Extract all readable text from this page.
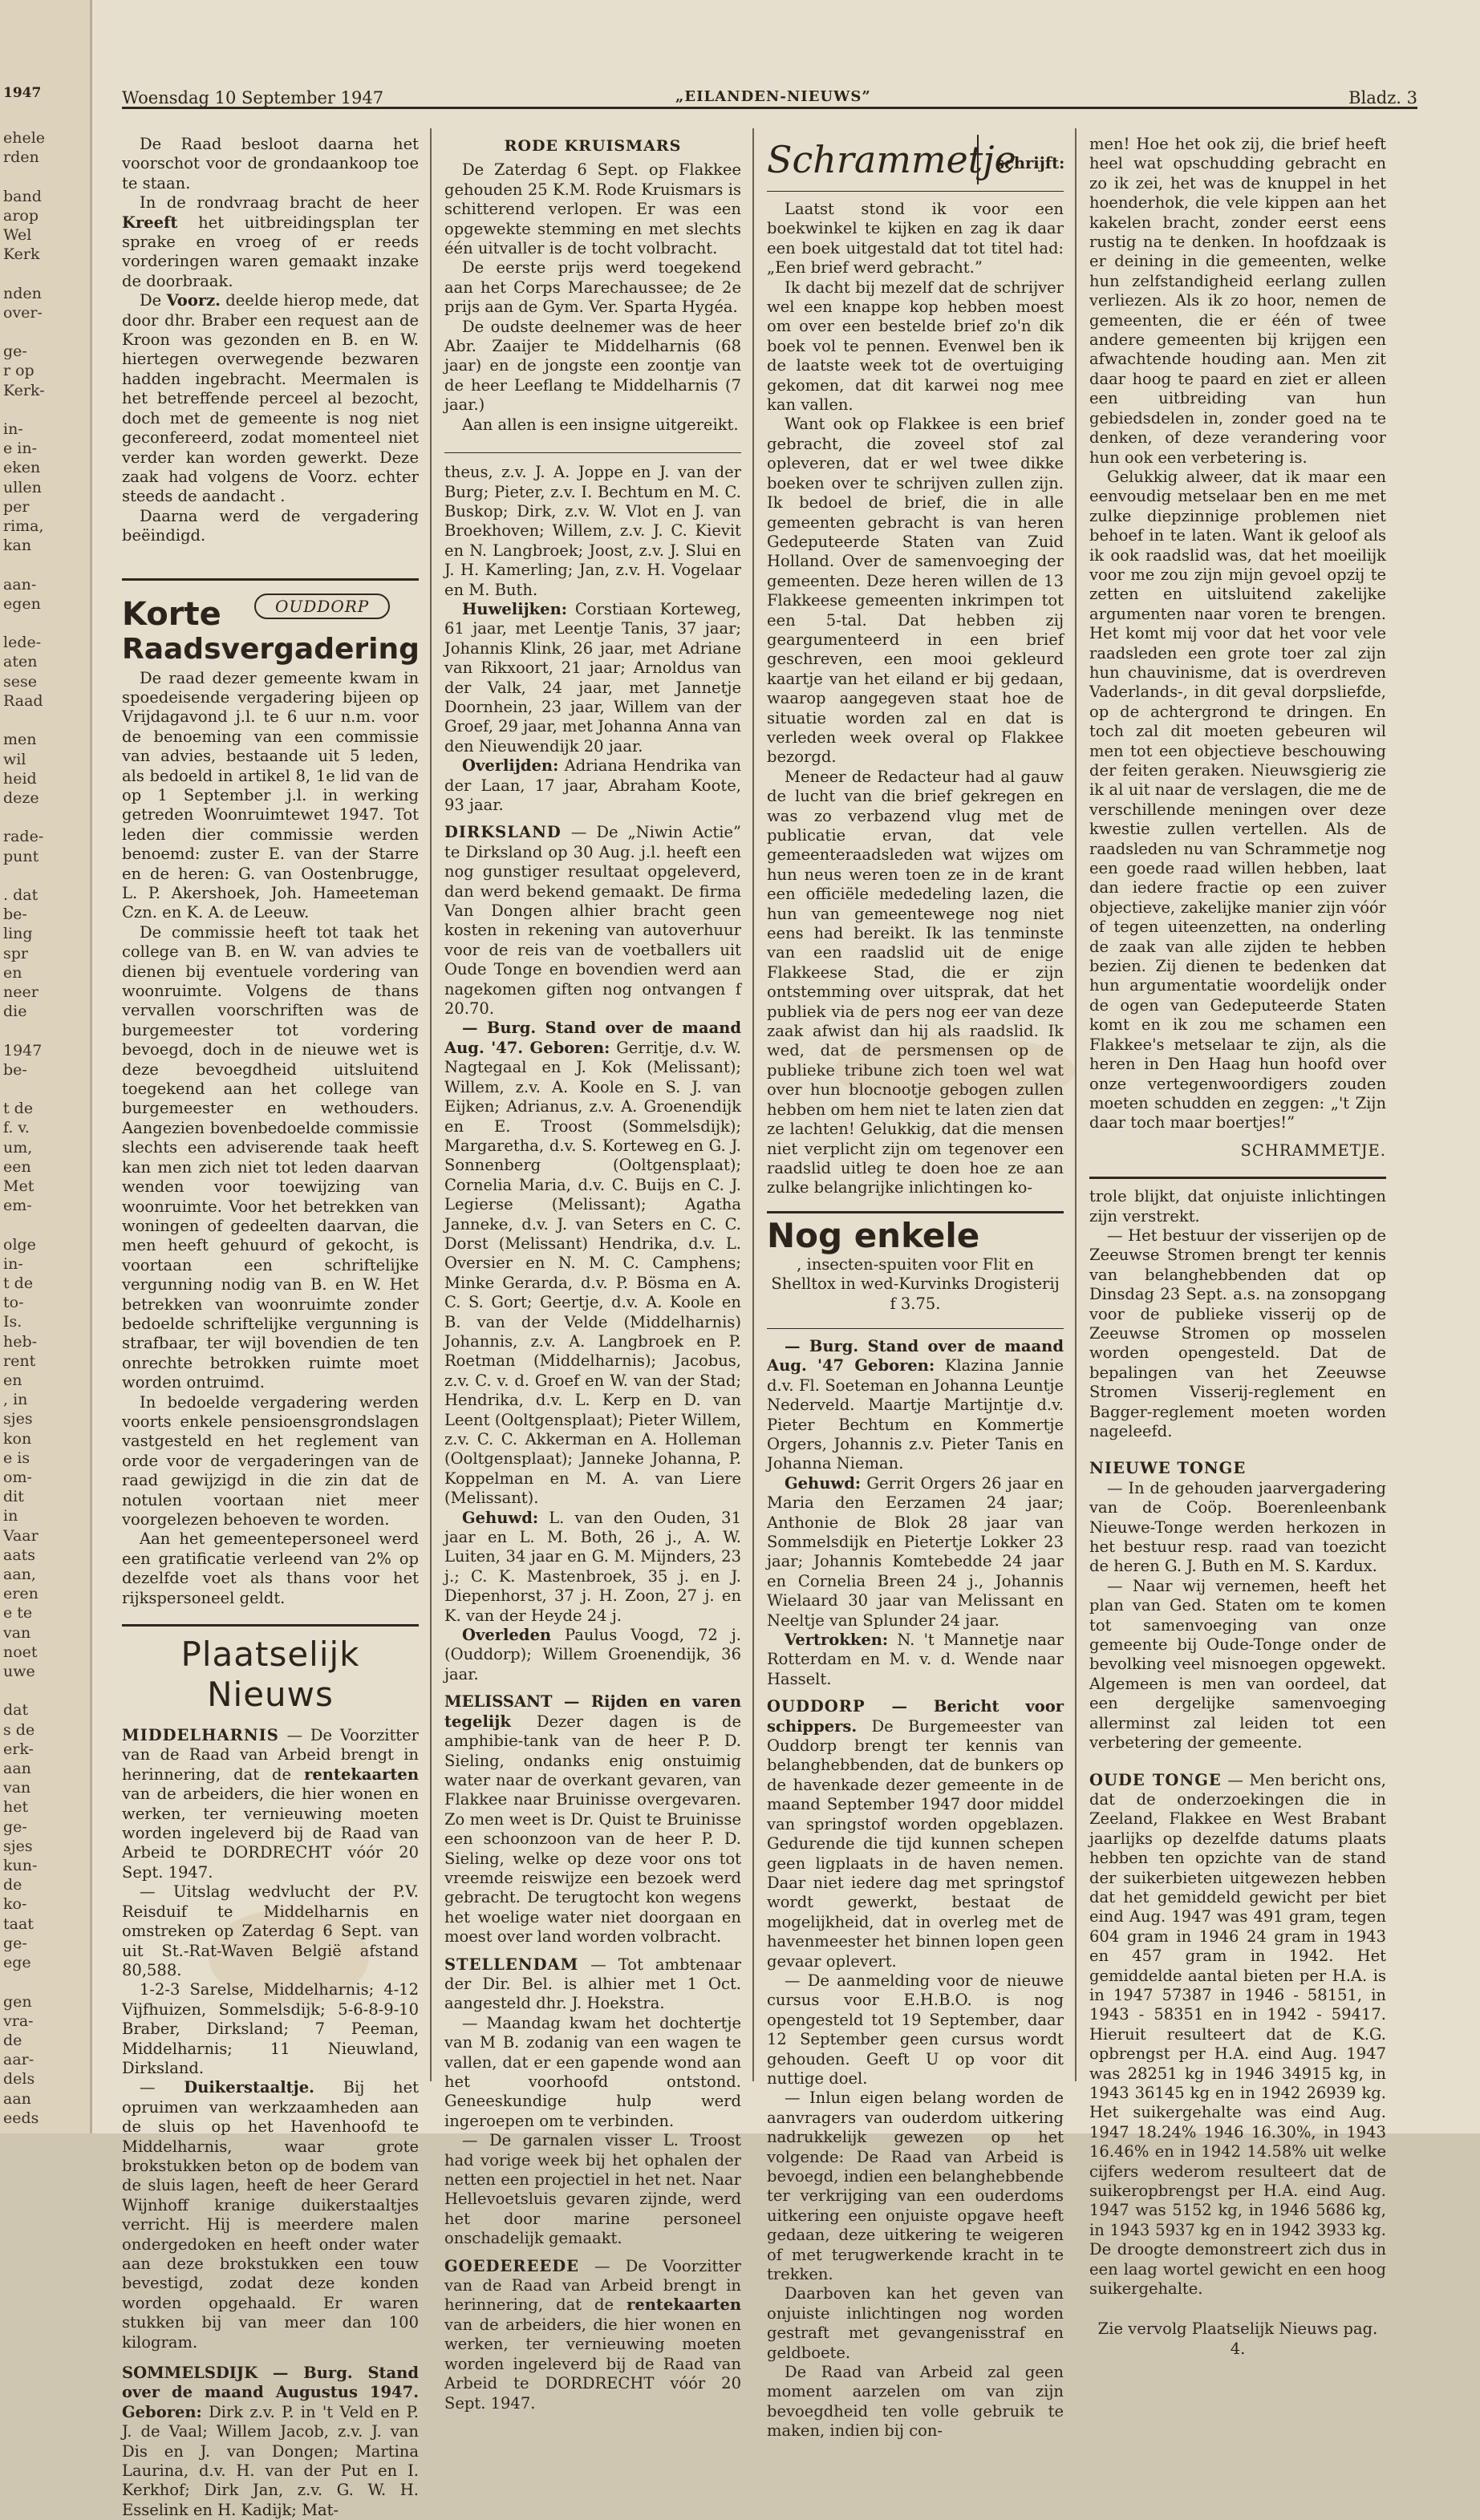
1947
ehele
rden

band
arop
Wel
Kerk

nden
over-

ge-
r op
Kerk-

in-
e in-
eken
ullen
per
rima,
kan

aan-
egen

lede-
aten
sese
Raad

men
wil
heid
deze

rade-
punt

. dat
be-
ling
spr
en
neer
die

1947
be-

t de
f. v.
um,
een
Met
em-

olge
in-
t de
to-
Is.
heb-
rent
en
, in
sjes
kon
e is
om-
dit
in
Vaar
aats
aan,
eren
e te
van
noet
uwe

dat
s de
erk-
aan
van
het
ge-
sjes
kun-
de
ko-
taat
ge-
ege

gen
vra-
de
aar-
dels
aan
eeds
Woensdag 10 September 1947	„EILANDEN-NIEUWS”	Bladz. 3

De Raad besloot daarna het voorschot voor de grondaankoop toe te staan.

In de rondvraag bracht de heer Kreeft het uitbreidingsplan ter sprake en vroeg of er reeds vorderingen waren gemaakt inzake de doorbraak.

De Voorz. deelde hierop mede, dat door dhr. Braber een request aan de Kroon was gezonden en B. en W. hiertegen overwegende bezwaren hadden ingebracht. Meermalen is het betreffende perceel al bezocht, doch met de gemeente is nog niet geconfereerd, zodat momenteel niet verder kan worden gewerkt. Deze zaak had volgens de Voorz. echter steeds de aandacht .

Daarna werd de vergadering beëindigd.

Korte	OUDDORP
Raadsvergadering

De raad dezer gemeente kwam in spoedeisende vergadering bijeen op Vrijdagavond j.l. te 6 uur n.m. voor de benoeming van een commissie van advies, bestaande uit 5 leden, als bedoeld in artikel 8, 1e lid van de op 1 September j.l. in werking getreden Woonruimtewet 1947. Tot leden dier commissie werden benoemd: zuster E. van der Starre en de heren: G. van Oostenbrugge, L. P. Akershoek, Joh. Hameeteman Czn. en K. A. de Leeuw.

De commissie heeft tot taak het college van B. en W. van advies te dienen bij eventuele vordering van woonruimte. Volgens de thans vervallen voorschriften was de burgemeester tot vordering bevoegd, doch in de nieuwe wet is deze bevoegdheid uitsluitend toegekend aan het college van burgemeester en wethouders. Aangezien bovenbedoelde commissie slechts een adviserende taak heeft kan men zich niet tot leden daarvan wenden voor toewijzing van woonruimte. Voor het betrekken van woningen of gedeelten daarvan, die men heeft gehuurd of gekocht, is voortaan een schriftelijke vergunning nodig van B. en W. Het betrekken van woonruimte zonder bedoelde schriftelijke vergunning is strafbaar, ter wijl bovendien de ten onrechte betrokken ruimte moet worden ontruimd.

In bedoelde vergadering werden voorts enkele pensioensgrondslagen vastgesteld en het reglement van orde voor de vergaderingen van de raad gewijzigd in die zin dat de notulen voortaan niet meer voorgelezen behoeven te worden.

Aan het gemeentepersoneel werd een gratificatie verleend van 2% op dezelfde voet als thans voor het rijkspersoneel geldt.

Plaatselijk Nieuws

MIDDELHARNIS — De Voorzitter van de Raad van Arbeid brengt in herinnering, dat de rentekaarten van de arbeiders, die hier wonen en werken, ter vernieuwing moeten worden ingeleverd bij de Raad van Arbeid te DORDRECHT vóór 20 Sept. 1947.

— Uitslag wedvlucht der P.V. Reisduif te Middelharnis en omstreken op Zaterdag 6 Sept. van uit St.-Rat-Waven België afstand 80,588.

1-2-3 Sarelse, Middelharnis; 4-12 Vijfhuizen, Sommelsdijk; 5-6-8-9-10 Braber, Dirksland; 7 Peeman, Middelharnis; 11 Nieuwland, Dirksland.

— Duikerstaaltje. Bij het opruimen van werkzaamheden aan de sluis op het Havenhoofd te Middelharnis, waar grote brokstukken beton op de bodem van de sluis lagen, heeft de heer Gerard Wijnhoff kranige duikerstaaltjes verricht. Hij is meerdere malen ondergedoken en heeft onder water aan deze brokstukken een touw bevestigd, zodat deze konden worden opgehaald. Er waren stukken bij van meer dan 100 kilogram.

SOMMELSDIJK — Burg. Stand over de maand Augustus 1947. Geboren: Dirk z.v. P. in 't Veld en P. J. de Vaal; Willem Jacob, z.v. J. van Dis en J. van Dongen; Martina Laurina, d.v. H. van der Put en I. Kerkhof; Dirk Jan, z.v. G. W. H. Esselink en H. Kadijk; Mat-

RODE KRUISMARS

De Zaterdag 6 Sept. op Flakkee gehouden 25 K.M. Rode Kruismars is schitterend verlopen. Er was een opgewekte stemming en met slechts één uitvaller is de tocht volbracht.

De eerste prijs werd toegekend aan het Corps Marechaussee; de 2e prijs aan de Gym. Ver. Sparta Hygéa.

De oudste deelnemer was de heer Abr. Zaaijer te Middelharnis (68 jaar) en de jongste een zoontje van de heer Leeflang te Middelharnis (7 jaar.)

Aan allen is een insigne uitgereikt.

theus, z.v. J. A. Joppe en J. van der Burg; Pieter, z.v. I. Bechtum en M. C. Buskop; Dirk, z.v. W. Vlot en J. van Broekhoven; Willem, z.v. J. C. Kievit en N. Langbroek; Joost, z.v. J. Slui en J. H. Kamerling; Jan, z.v. H. Vogelaar en M. Buth.

Huwelijken: Corstiaan Korteweg, 61 jaar, met Leentje Tanis, 37 jaar; Johannis Klink, 26 jaar, met Adriane van Rikxoort, 21 jaar; Arnoldus van der Valk, 24 jaar, met Jannetje Doornhein, 23 jaar, Willem van der Groef, 29 jaar, met Johanna Anna van den Nieuwendijk 20 jaar.

Overlijden: Adriana Hendrika van der Laan, 17 jaar, Abraham Koote, 93 jaar.

DIRKSLAND — De „Niwin Actie” te Dirksland op 30 Aug. j.l. heeft een nog gunstiger resultaat opgeleverd, dan werd bekend gemaakt. De firma Van Dongen alhier bracht geen kosten in rekening van autoverhuur voor de reis van de voetballers uit Oude Tonge en bovendien werd aan nagekomen giften nog ontvangen f 20.70.

— Burg. Stand over de maand Aug. '47. Geboren: Gerritje, d.v. W. Nagtegaal en J. Kok (Melissant); Willem, z.v. A. Koole en S. J. van Eijken; Adrianus, z.v. A. Groenendijk en E. Troost (Sommelsdijk); Margaretha, d.v. S. Korteweg en G. J. Sonnenberg (Ooltgensplaat); Cornelia Maria, d.v. C. Buijs en C. J. Legierse (Melissant); Agatha Janneke, d.v. J. van Seters en C. C. Dorst (Melissant) Hendrika, d.v. L. Oversier en N. M. C. Camphens; Minke Gerarda, d.v. P. Bösma en A. C. S. Gort; Geertje, d.v. A. Koole en B. van der Velde (Middelharnis) Johannis, z.v. A. Langbroek en P. Roetman (Middelharnis); Jacobus, z.v. C. v. d. Groef en W. van der Stad; Hendrika, d.v. L. Kerp en D. van Leent (Ooltgensplaat); Pieter Willem, z.v. C. C. Akkerman en A. Holleman (Ooltgensplaat); Janneke Johanna, P. Koppelman en M. A. van Liere (Melissant).

Gehuwd: L. van den Ouden, 31 jaar en L. M. Both, 26 j., A. W. Luiten, 34 jaar en G. M. Mijnders, 23 j.; C. K. Mastenbroek, 35 j. en J. Diepenhorst, 37 j. H. Zoon, 27 j. en K. van der Heyde 24 j.

Overleden Paulus Voogd, 72 j. (Ouddorp); Willem Groenendijk, 36 jaar.

MELISSANT — Rijden en varen tegelijk Dezer dagen is de amphibie-tank van de heer P. D. Sieling, ondanks enig onstuimig water naar de overkant gevaren, van Flakkee naar Bruinisse overgevaren. Zo men weet is Dr. Quist te Bruinisse een schoonzoon van de heer P. D. Sieling, welke op deze voor ons tot vreemde reiswijze een bezoek werd gebracht. De terugtocht kon wegens het woelige water niet doorgaan en moest over land worden volbracht.

STELLENDAM — Tot ambtenaar der Dir. Bel. is alhier met 1 Oct. aangesteld dhr. J. Hoekstra.

— Maandag kwam het dochtertje van M B. zodanig van een wagen te vallen, dat er een gapende wond aan het voorhoofd ontstond. Geneeskundige hulp werd ingeroepen om te verbinden.

— De garnalen visser L. Troost had vorige week bij het ophalen der netten een projectiel in het net. Naar Hellevoetsluis gevaren zijnde, werd het door marine personeel onschadelijk gemaakt.

GOEDEREEDE — De Voorzitter van de Raad van Arbeid brengt in herinnering, dat de rentekaarten van de arbeiders, die hier wonen en werken, ter vernieuwing moeten worden ingeleverd bij de Raad van Arbeid te DORDRECHT vóór 20 Sept. 1947.

Schrammetje
schrijft:

Laatst stond ik voor een boekwinkel te kijken en zag ik daar een boek uitgestald dat tot titel had: „Een brief werd gebracht.”

Ik dacht bij mezelf dat de schrijver wel een knappe kop hebben moest om over een bestelde brief zo'n dik boek vol te pennen. Evenwel ben ik de laatste week tot de overtuiging gekomen, dat dit karwei nog mee kan vallen.

Want ook op Flakkee is een brief gebracht, die zoveel stof zal opleveren, dat er wel twee dikke boeken over te schrijven zullen zijn. Ik bedoel de brief, die in alle gemeenten gebracht is van heren Gedeputeerde Staten van Zuid Holland. Over de samenvoeging der gemeenten. Deze heren willen de 13 Flakkeese gemeenten inkrimpen tot een 5-tal. Dat hebben zij geargumenteerd in een brief geschreven, een mooi gekleurd kaartje van het eiland er bij gedaan, waarop aangegeven staat hoe de situatie worden zal en dat is verleden week overal op Flakkee bezorgd.

Meneer de Redacteur had al gauw de lucht van die brief gekregen en was zo verbazend vlug met de publicatie ervan, dat vele gemeenteraadsleden wat wijzes om hun neus weren toen ze in de krant een officiële mededeling lazen, die hun van gemeentewege nog niet eens had bereikt. Ik las tenminste van een raadslid uit de enige Flakkeese Stad, die er zijn ontstemming over uitsprak, dat het publiek via de pers nog eer van deze zaak afwist dan hij als raadslid. Ik wed, dat de persmensen op de publieke tribune zich toen wel wat over hun blocnootje gebogen zullen hebben om hem niet te laten zien dat ze lachten! Gelukkig, dat die mensen niet verplicht zijn om tegenover een raadslid uitleg te doen hoe ze aan zulke belangrijke inlichtingen ko-

Nog enkele

, insecten-spuiten voor Flit en Shelltox in wed-Kurvinks Drogisterij f 3.75.

— Burg. Stand over de maand Aug. '47 Geboren: Klazina Jannie d.v. Fl. Soeteman en Johanna Leuntje Nederveld. Maartje Martijntje d.v. Pieter Bechtum en Kommertje Orgers, Johannis z.v. Pieter Tanis en Johanna Nieman.

Gehuwd: Gerrit Orgers 26 jaar en Maria den Eerzamen 24 jaar; Anthonie de Blok 28 jaar van Sommelsdijk en Pietertje Lokker 23 jaar; Johannis Komtebedde 24 jaar en Cornelia Breen 24 j., Johannis Wielaard 30 jaar van Melissant en Neeltje van Splunder 24 jaar.

Vertrokken: N. 't Mannetje naar Rotterdam en M. v. d. Wende naar Hasselt.

OUDDORP — Bericht voor schippers. De Burgemeester van Ouddorp brengt ter kennis van belanghebbenden, dat de bunkers op de havenkade dezer gemeente in de maand September 1947 door middel van springstof worden opgeblazen. Gedurende die tijd kunnen schepen geen ligplaats in de haven nemen. Daar niet iedere dag met springstof wordt gewerkt, bestaat de mogelijkheid, dat in overleg met de havenmeester het binnen lopen geen gevaar oplevert.

— De aanmelding voor de nieuwe cursus voor E.H.B.O. is nog opengesteld tot 19 September, daar 12 September geen cursus wordt gehouden. Geeft U op voor dit nuttige doel.

— Inlun eigen belang worden de aanvragers van ouderdom uitkering nadrukkelijk gewezen op het volgende: De Raad van Arbeid is bevoegd, indien een belanghebbende ter verkrijging van een ouderdoms uitkering een onjuiste opgave heeft gedaan, deze uitkering te weigeren of met terugwerkende kracht in te trekken.

Daarboven kan het geven van onjuiste inlichtingen nog worden gestraft met gevangenisstraf en geldboete.

De Raad van Arbeid zal geen moment aarzelen om van zijn bevoegdheid ten volle gebruik te maken, indien bij con-

men! Hoe het ook zij, die brief heeft heel wat opschudding gebracht en zo ik zei, het was de knuppel in het hoenderhok, die vele kippen aan het kakelen bracht, zonder eerst eens rustig na te denken. In hoofdzaak is er deining in die gemeenten, welke hun zelfstandigheid eerlang zullen verliezen. Als ik zo hoor, nemen de gemeenten, die er één of twee andere gemeenten bij krijgen een afwachtende houding aan. Men zit daar hoog te paard en ziet er alleen een uitbreiding van hun gebiedsdelen in, zonder goed na te denken, of deze verandering voor hun ook een verbetering is.

Gelukkig alweer, dat ik maar een eenvoudig metselaar ben en me met zulke diepzinnige problemen niet behoef in te laten. Want ik geloof als ik ook raadslid was, dat het moeilijk voor me zou zijn mijn gevoel opzij te zetten en uitsluitend zakelijke argumenten naar voren te brengen. Het komt mij voor dat het voor vele raadsleden een grote toer zal zijn hun chauvinisme, dat is overdreven Vaderlands-, in dit geval dorpsliefde, op de achtergrond te dringen. En toch zal dit moeten gebeuren wil men tot een objectieve beschouwing der feiten geraken. Nieuwsgierig zie ik al uit naar de verslagen, die me de verschillende meningen over deze kwestie zullen vertellen. Als de raadsleden nu van Schrammetje nog een goede raad willen hebben, laat dan iedere fractie op een zuiver objectieve, zakelijke manier zijn vóór of tegen uiteenzetten, na onderling de zaak van alle zijden te hebben bezien. Zij dienen te bedenken dat hun argumentatie woordelijk onder de ogen van Gedeputeerde Staten komt en ik zou me schamen een Flakkee's metselaar te zijn, als die heren in Den Haag hun hoofd over onze vertegenwoordigers zouden moeten schudden en zeggen: „'t Zijn daar toch maar boertjes!”

SCHRAMMETJE.

trole blijkt, dat onjuiste inlichtingen zijn verstrekt.

— Het bestuur der visserijen op de Zeeuwse Stromen brengt ter kennis van belanghebbenden dat op Dinsdag 23 Sept. a.s. na zonsopgang voor de publieke visserij op de Zeeuwse Stromen op mosselen worden opengesteld. Dat de bepalingen van het Zeeuwse Stromen Visserij-reglement en Bagger-reglement moeten worden nageleefd.

NIEUWE TONGE

— In de gehouden jaarvergadering van de Coöp. Boerenleenbank Nieuwe-Tonge werden herkozen in het bestuur resp. raad van toezicht de heren G. J. Buth en M. S. Kardux.

— Naar wij vernemen, heeft het plan van Ged. Staten om te komen tot samenvoeging van onze gemeente bij Oude-Tonge onder de bevolking veel misnoegen opgewekt. Algemeen is men van oordeel, dat een dergelijke samenvoeging allerminst zal leiden tot een verbetering der gemeente.

OUDE TONGE — Men bericht ons, dat de onderzoekingen die in Zeeland, Flakkee en West Brabant jaarlijks op dezelfde datums plaats hebben ten opzichte van de stand der suikerbieten uitgewezen hebben dat het gemiddeld gewicht per biet eind Aug. 1947 was 491 gram, tegen 604 gram in 1946 24 gram in 1943 en 457 gram in 1942. Het gemiddelde aantal bieten per H.A. is in 1947 57387 in 1946 - 58151, in 1943 - 58351 en in 1942 - 59417. Hieruit resulteert dat de K.G. opbrengst per H.A. eind Aug. 1947 was 28251 kg in 1946 34915 kg, in 1943 36145 kg en in 1942 26939 kg. Het suikergehalte was eind Aug. 1947 18.24% 1946 16.30%, in 1943 16.46% en in 1942 14.58% uit welke cijfers wederom resulteert dat de suikeropbrengst per H.A. eind Aug. 1947 was 5152 kg, in 1946 5686 kg, in 1943 5937 kg en in 1942 3933 kg. De droogte demonstreert zich dus in een laag wortel gewicht en een hoog suikergehalte.

Zie vervolg Plaatselijk Nieuws pag. 4.
